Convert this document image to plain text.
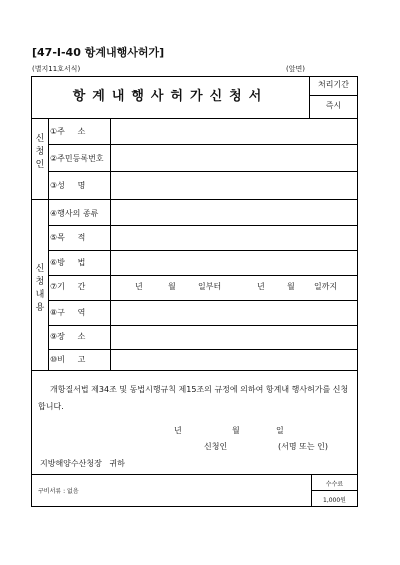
[47-Ⅰ-40 항계내행사허가]
(별지11호서식)	(앞면)
항계내행사허가신청서
처리기간
즉시
신
청
인
①주     소
②주민등록번호
③성     명
신
청
내
용
④행사의 종류
⑤목     적
⑥방     법
⑦기     간	년	월	일부터	년	월 일까지
⑧구     역
⑨장     소
⑩비     고
개항질서법 제34조 및 동법시행규칙 제15조의 규정에 의하여 항계내 행사허가를 신청합니다.
년	월	일
신청인	(서명 또는 인)
지방해양수산청장   귀하
구비서류 : 없음
수수료
1,000원
